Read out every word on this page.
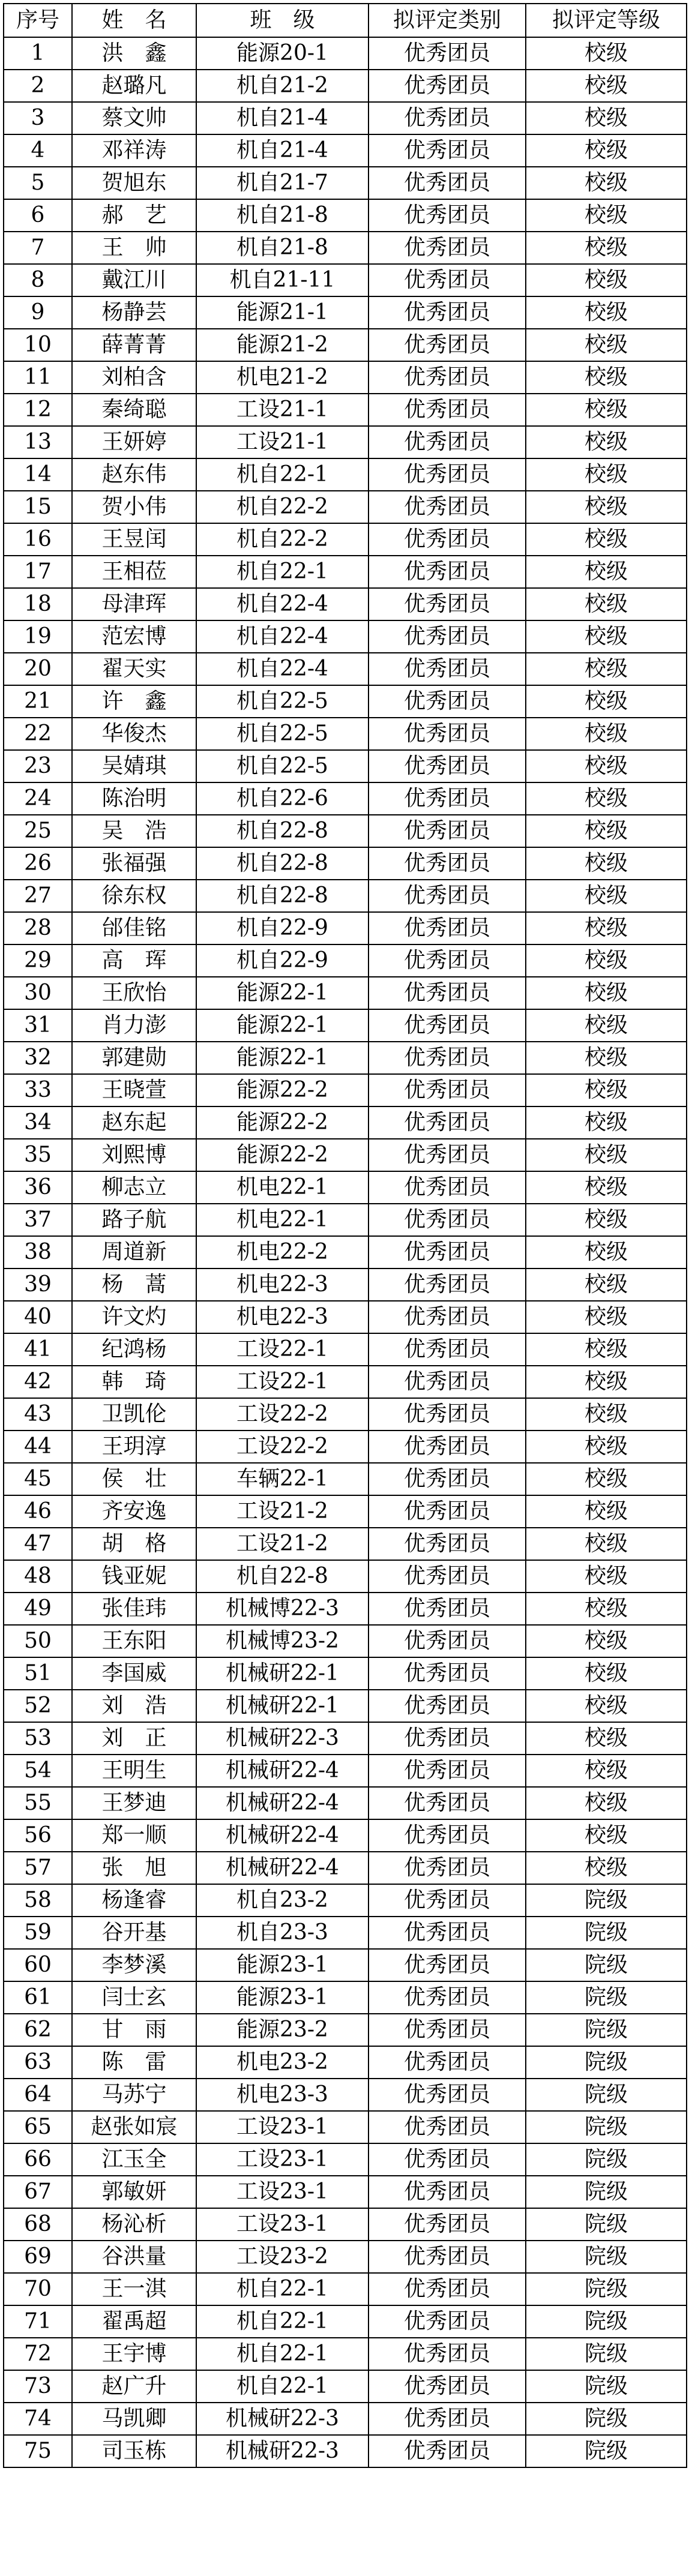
序号	姓　名	班　级	拟评定类别	拟评定等级
1	洪　鑫	能源20-1	优秀团员	校级
2	赵璐凡	机自21-2	优秀团员	校级
3	蔡文帅	机自21-4	优秀团员	校级
4	邓祥涛	机自21-4	优秀团员	校级
5	贺旭东	机自21-7	优秀团员	校级
6	郝　艺	机自21-8	优秀团员	校级
7	王　帅	机自21-8	优秀团员	校级
8	戴江川	机自21-11	优秀团员	校级
9	杨静芸	能源21-1	优秀团员	校级
10	薛菁菁	能源21-2	优秀团员	校级
11	刘柏含	机电21-2	优秀团员	校级
12	秦绮聪	工设21-1	优秀团员	校级
13	王妍婷	工设21-1	优秀团员	校级
14	赵东伟	机自22-1	优秀团员	校级
15	贺小伟	机自22-2	优秀团员	校级
16	王昱闰	机自22-2	优秀团员	校级
17	王相莅	机自22-1	优秀团员	校级
18	母津珲	机自22-4	优秀团员	校级
19	范宏博	机自22-4	优秀团员	校级
20	翟天实	机自22-4	优秀团员	校级
21	许　鑫	机自22-5	优秀团员	校级
22	华俊杰	机自22-5	优秀团员	校级
23	吴婧琪	机自22-5	优秀团员	校级
24	陈治明	机自22-6	优秀团员	校级
25	吴　浩	机自22-8	优秀团员	校级
26	张福强	机自22-8	优秀团员	校级
27	徐东权	机自22-8	优秀团员	校级
28	邰佳铭	机自22-9	优秀团员	校级
29	高　珲	机自22-9	优秀团员	校级
30	王欣怡	能源22-1	优秀团员	校级
31	肖力澎	能源22-1	优秀团员	校级
32	郭建勋	能源22-1	优秀团员	校级
33	王晓萱	能源22-2	优秀团员	校级
34	赵东起	能源22-2	优秀团员	校级
35	刘熙博	能源22-2	优秀团员	校级
36	柳志立	机电22-1	优秀团员	校级
37	路子航	机电22-1	优秀团员	校级
38	周道新	机电22-2	优秀团员	校级
39	杨　蒿	机电22-3	优秀团员	校级
40	许文灼	机电22-3	优秀团员	校级
41	纪鸿杨	工设22-1	优秀团员	校级
42	韩　琦	工设22-1	优秀团员	校级
43	卫凯伦	工设22-2	优秀团员	校级
44	王玥淳	工设22-2	优秀团员	校级
45	侯　壮	车辆22-1	优秀团员	校级
46	齐安逸	工设21-2	优秀团员	校级
47	胡　格	工设21-2	优秀团员	校级
48	钱亚妮	机自22-8	优秀团员	校级
49	张佳玮	机械博22-3	优秀团员	校级
50	王东阳	机械博23-2	优秀团员	校级
51	李国威	机械研22-1	优秀团员	校级
52	刘　浩	机械研22-1	优秀团员	校级
53	刘　正	机械研22-3	优秀团员	校级
54	王明生	机械研22-4	优秀团员	校级
55	王梦迪	机械研22-4	优秀团员	校级
56	郑一顺	机械研22-4	优秀团员	校级
57	张　旭	机械研22-4	优秀团员	校级
58	杨逢睿	机自23-2	优秀团员	院级
59	谷开基	机自23-3	优秀团员	院级
60	李梦溪	能源23-1	优秀团员	院级
61	闫士玄	能源23-1	优秀团员	院级
62	甘　雨	能源23-2	优秀团员	院级
63	陈　雷	机电23-2	优秀团员	院级
64	马苏宁	机电23-3	优秀团员	院级
65	赵张如宸	工设23-1	优秀团员	院级
66	江玉全	工设23-1	优秀团员	院级
67	郭敏妍	工设23-1	优秀团员	院级
68	杨沁析	工设23-1	优秀团员	院级
69	谷洪量	工设23-2	优秀团员	院级
70	王一淇	机自22-1	优秀团员	院级
71	翟禹超	机自22-1	优秀团员	院级
72	王宇博	机自22-1	优秀团员	院级
73	赵广升	机自22-1	优秀团员	院级
74	马凯卿	机械研22-3	优秀团员	院级
75	司玉栋	机械研22-3	优秀团员	院级
